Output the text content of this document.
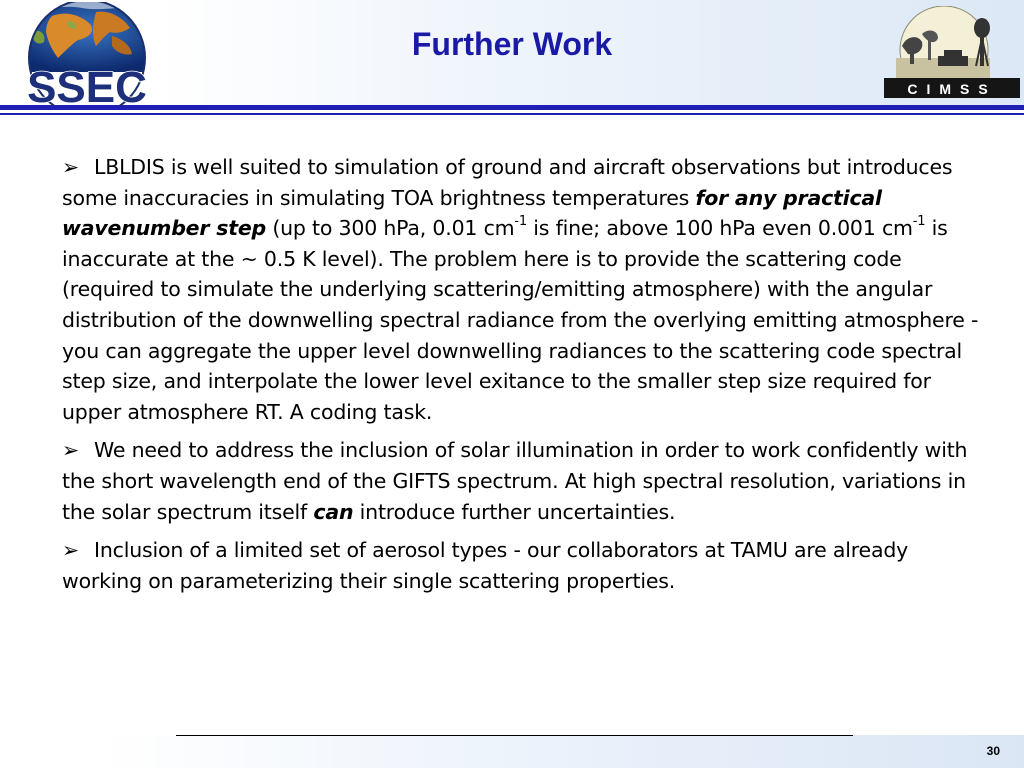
SSEC	CIMSS
Further Work

➢ LBLDIS is well suited to simulation of ground and aircraft observations but introduces some inaccuracies in simulating TOA brightness temperatures for any practical wavenumber step (up to 300 hPa, 0.01 $cm^{-1}$ is fine; above 100 hPa even 0.001 $cm^{-1}$ is inaccurate at the ~ 0.5 K level). The problem here is to provide the scattering code (required to simulate the underlying scattering/emitting atmosphere) with the angular distribution of the downwelling spectral radiance from the overlying emitting atmosphere - you can aggregate the upper level downwelling radiances to the scattering code spectral step size, and interpolate the lower level exitance to the smaller step size required for upper atmosphere RT. A coding task.

➢ We need to address the inclusion of solar illumination in order to work confidently with the short wavelength end of the GIFTS spectrum. At high spectral resolution, variations in the solar spectrum itself can introduce further uncertainties.

➢ Inclusion of a limited set of aerosol types - our collaborators at TAMU are already working on parameterizing their single scattering properties.

30
